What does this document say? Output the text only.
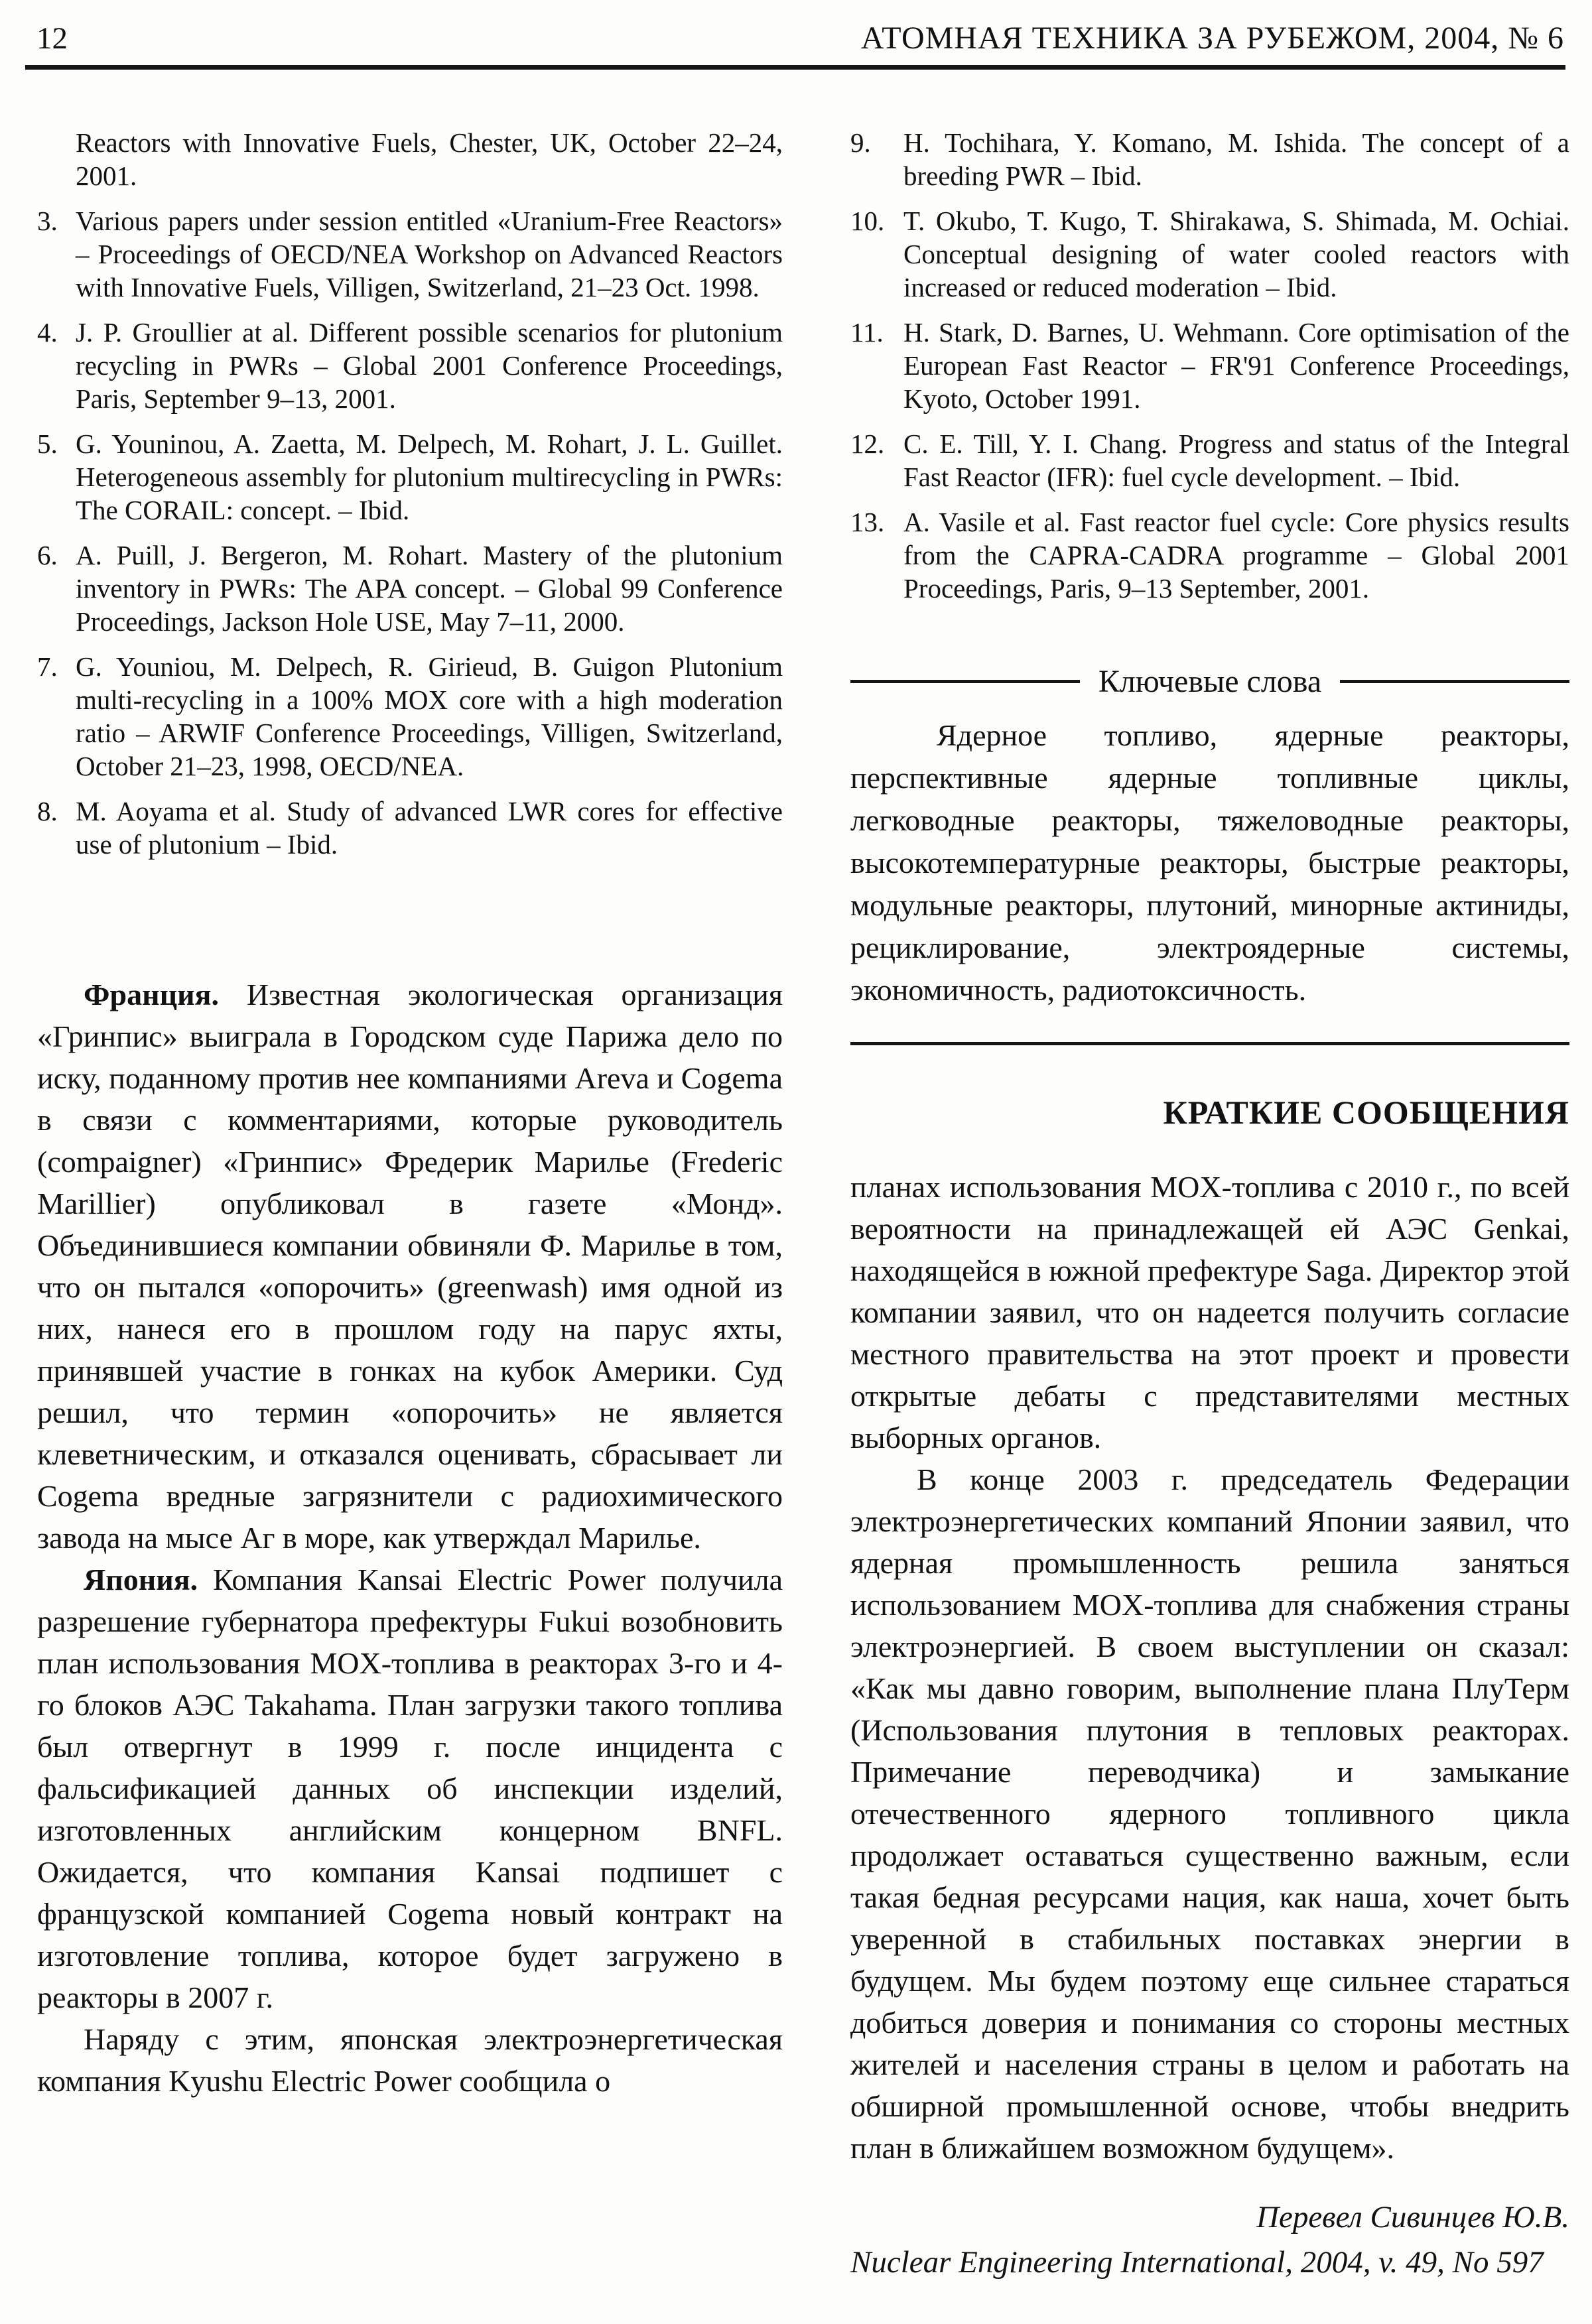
12	АТОМНАЯ ТЕХНИКА ЗА РУБЕЖОМ, 2004, № 6
Reactors with Innovative Fuels, Chester, UK, October 22–24, 2001.
3. Various papers under session entitled «Uranium-Free Reactors» – Proceedings of OECD/NEA Workshop on Advanced Reactors with Innovative Fuels, Villigen, Switzerland, 21–23 Oct. 1998.
4. J. P. Groullier at al. Different possible scenarios for plutonium recycling in PWRs – Global 2001 Conference Proceedings, Paris, September 9–13, 2001.
5. G. Youninou, A. Zaetta, M. Delpech, M. Rohart, J. L. Guillet. Heterogeneous assembly for plutonium multirecycling in PWRs: The CORAIL: concept. – Ibid.
6. A. Puill, J. Bergeron, M. Rohart. Mastery of the plutonium inventory in PWRs: The APA concept. – Global 99 Conference Proceedings, Jackson Hole USE, May 7–11, 2000.
7. G. Youniou, M. Delpech, R. Girieud, B. Guigon Plutonium multi-recycling in a 100% MOX core with a high moderation ratio – ARWIF Conference Proceedings, Villigen, Switzerland, October 21–23, 1998, OECD/NEA.
8. M. Aoyama et al. Study of advanced LWR cores for effective use of plutonium – Ibid.

Франция. Известная экологическая организация «Гринпис» выиграла в Городском суде Парижа дело по иску, поданному против нее компаниями Areva и Cogema в связи с комментариями, которые руководитель (compaigner) «Гринпис» Фредерик Марилье (Frederic Marillier) опубликовал в газете «Монд». Объединившиеся компании обвиняли Ф. Марилье в том, что он пытался «опорочить» (greenwash) имя одной из них, нанеся его в прошлом году на парус яхты, принявшей участие в гонках на кубок Америки. Суд решил, что термин «опорочить» не является клеветническим, и отказался оценивать, сбрасывает ли Cogema вредные загрязнители с радиохимического завода на мысе Аг в море, как утверждал Марилье.

Япония. Компания Kansai Electric Power получила разрешение губернатора префектуры Fukui возобновить план использования MOX-топлива в реакторах 3-го и 4-го блоков АЭС Takahama. План загрузки такого топлива был отвергнут в 1999 г. после инцидента с фальсификацией данных об инспекции изделий, изготовленных английским концерном BNFL. Ожидается, что компания Kansai подпишет с французской компанией Cogema новый контракт на изготовление топлива, которое будет загружено в реакторы в 2007 г.

Наряду с этим, японская электроэнергетическая компания Kyushu Electric Power сообщила о

9. H. Tochihara, Y. Komano, M. Ishida. The concept of a breeding PWR – Ibid.
10. T. Okubo, T. Kugo, T. Shirakawa, S. Shimada, M. Ochiai. Conceptual designing of water cooled reactors with increased or reduced moderation – Ibid.
11. H. Stark, D. Barnes, U. Wehmann. Core optimisation of the European Fast Reactor – FR'91 Conference Proceedings, Kyoto, October 1991.
12. C. E. Till, Y. I. Chang. Progress and status of the Integral Fast Reactor (IFR): fuel cycle development. – Ibid.
13. A. Vasile et al. Fast reactor fuel cycle: Core physics results from the CAPRA-CADRA programme – Global 2001 Proceedings, Paris, 9–13 September, 2001.
Ключевые слова

Ядерное топливо, ядерные реакторы, перспективные ядерные топливные циклы, легководные реакторы, тяжеловодные реакторы, высокотемпературные реакторы, быстрые реакторы, модульные реакторы, плутоний, минорные актиниды, рециклирование, электроядерные системы, экономичность, радиотоксичность.

КРАТКИЕ СООБЩЕНИЯ

планах использования MOX-топлива с 2010 г., по всей вероятности на принадлежащей ей АЭС Genkai, находящейся в южной префектуре Saga. Директор этой компании заявил, что он надеется получить согласие местного правительства на этот проект и провести открытые дебаты с представителями местных выборных органов.

В конце 2003 г. председатель Федерации электроэнергетических компаний Японии заявил, что ядерная промышленность решила заняться использованием MOX-топлива для снабжения страны электроэнергией. В своем выступлении он сказал: «Как мы давно говорим, выполнение плана ПлуТерм (Использования плутония в тепловых реакторах. Примечание переводчика) и замыкание отечественного ядерного топливного цикла продолжает оставаться существенно важным, если такая бедная ресурсами нация, как наша, хочет быть уверенной в стабильных поставках энергии в будущем. Мы будем поэтому еще сильнее стараться добиться доверия и понимания со стороны местных жителей и населения страны в целом и работать на обширной промышленной основе, чтобы внедрить план в ближайшем возможном будущем».

Перевел Сивинцев Ю.В.
Nuclear Engineering International, 2004, v. 49, No 597
